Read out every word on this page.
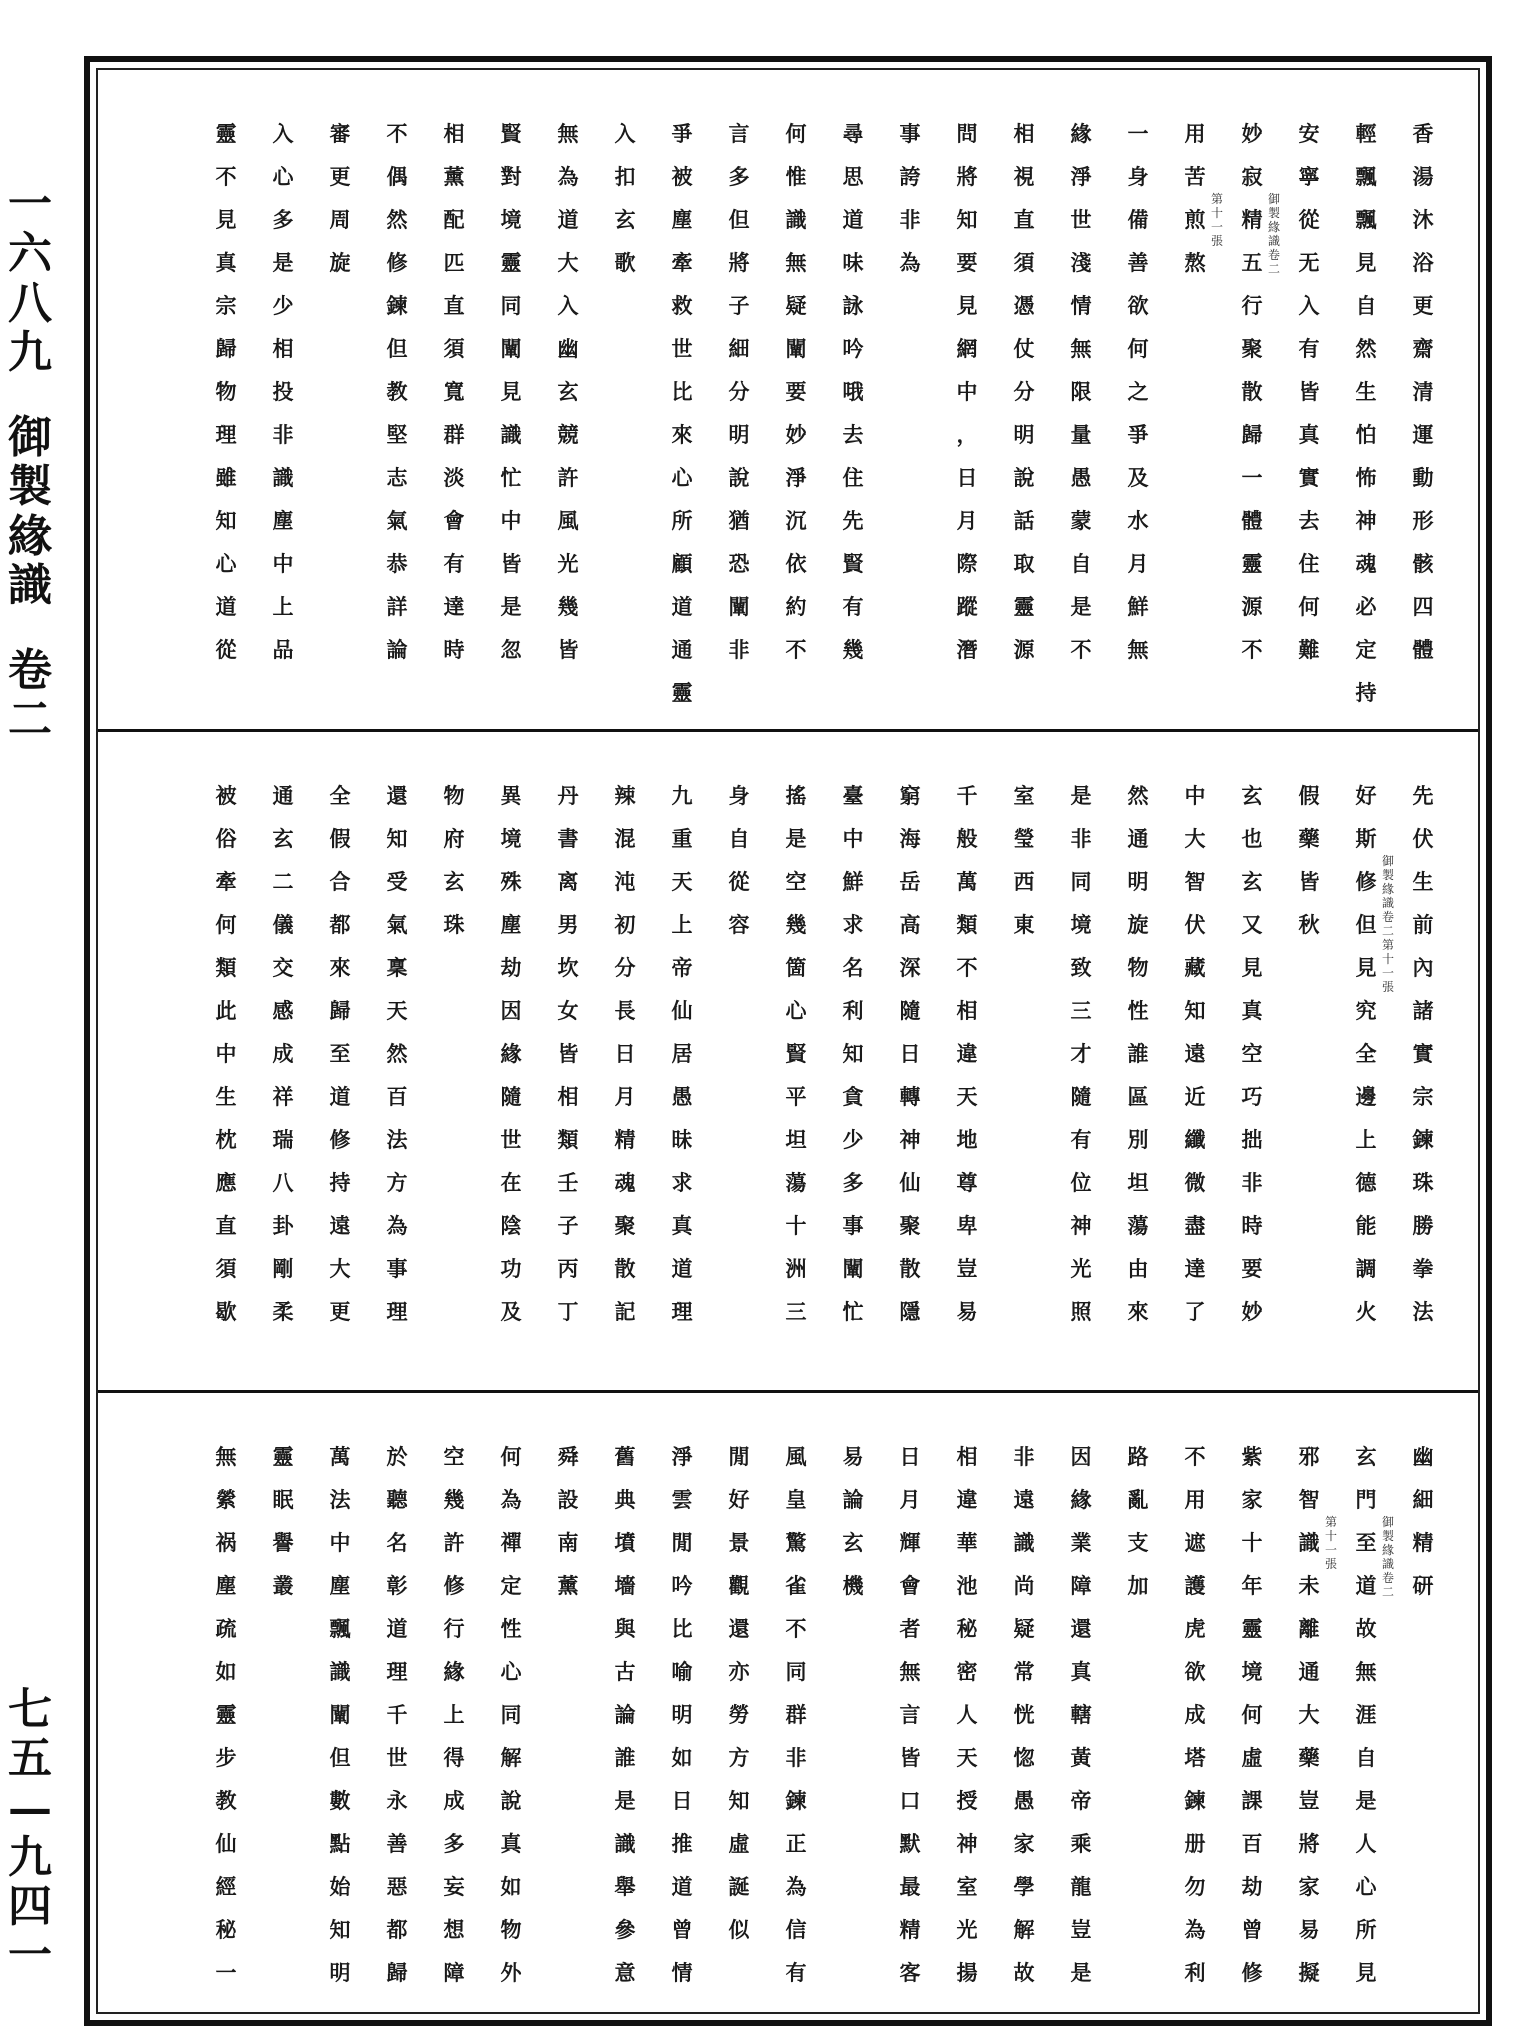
一
六
八
九
御
製
緣
識
卷
二
七
五
—
九
四
一
香
湯
沐
浴
更
齋
清
運
動
形
骸
四
體
輕
飄
飄
見
自
然
生
怕
怖
神
魂
必
定
持
安
寧
從
无
入
有
皆
真
實
去
住
何
難
妙
寂
精
五
行
聚
散
歸
一
體
靈
源
不
用
苦
煎
熬
一
身
備
善
欲
何
之
爭
及
水
月
鮮
無
緣
淨
世
淺
情
無
限
量
愚
蒙
自
是
不
相
視
直
須
憑
仗
分
明
說
話
取
靈
源
問
將
知
要
見
網
中
，
日
月
際
蹤
潛
事
誇
非
為
尋
思
道
味
詠
吟
哦
去
住
先
賢
有
幾
何
惟
識
無
疑
闡
要
妙
淨
沉
依
約
不
言
多
但
將
子
細
分
明
說
猶
恐
闡
非
爭
被
塵
牽
救
世
比
來
心
所
顧
道
通
靈
入
扣
玄
歌
無
為
道
大
入
幽
玄
競
許
風
光
幾
皆
賢
對
境
靈
同
闡
見
識
忙
中
皆
是
忽
相
薰
配
匹
直
須
寬
群
淡
會
有
達
時
不
偶
然
修
鍊
但
教
堅
志
氣
恭
詳
論
審
更
周
旋
入
心
多
是
少
相
投
非
識
塵
中
上
品
靈
不
見
真
宗
歸
物
理
雖
知
心
道
從
御
製
緣
識
卷
二
第
十
一
張
先
伏
生
前
內
諸
實
宗
鍊
珠
勝
拳
法
好
斯
修
但
見
究
全
邊
上
德
能
調
火
假
藥
皆
秋
玄
也
玄
又
見
真
空
巧
拙
非
時
要
妙
中
大
智
伏
藏
知
遠
近
纖
微
盡
達
了
然
通
明
旋
物
性
誰
區
別
坦
蕩
由
來
是
非
同
境
致
三
才
隨
有
位
神
光
照
室
瑩
西
東
千
般
萬
類
不
相
違
天
地
尊
卑
豈
易
窮
海
岳
高
深
隨
日
轉
神
仙
聚
散
隱
臺
中
鮮
求
名
利
知
貪
少
多
事
闡
忙
搖
是
空
幾
箇
心
賢
平
坦
蕩
十
洲
三
身
自
從
容
九
重
天
上
帝
仙
居
愚
昧
求
真
道
理
辣
混
沌
初
分
長
日
月
精
魂
聚
散
記
丹
書
离
男
坎
女
皆
相
類
壬
子
丙
丁
異
境
殊
塵
劫
因
緣
隨
世
在
陰
功
及
物
府
玄
珠
還
知
受
氣
稟
天
然
百
法
方
為
事
理
全
假
合
都
來
歸
至
道
修
持
遠
大
更
通
玄
二
儀
交
感
成
祥
瑞
八
卦
剛
柔
被
俗
牽
何
類
此
中
生
枕
應
直
須
歇
御
製
緣
識
卷
二
第
十
一
張
幽
細
精
研
玄
門
至
道
故
無
涯
自
是
人
心
所
見
邪
智
識
未
離
通
大
藥
豈
將
家
易
擬
紫
家
十
年
靈
境
何
虛
課
百
劫
曾
修
不
用
遮
護
虎
欲
成
塔
鍊
册
勿
為
利
路
亂
支
加
因
緣
業
障
還
真
轄
黃
帝
乘
龍
豈
是
非
遠
識
尚
疑
常
恍
惚
愚
家
學
解
故
相
違
華
池
秘
密
人
天
授
神
室
光
揚
日
月
輝
會
者
無
言
皆
口
默
最
精
客
易
論
玄
機
風
皇
驚
雀
不
同
群
非
鍊
正
為
信
有
閒
好
景
觀
還
亦
勞
方
知
虛
誕
似
淨
雲
閒
吟
比
喻
明
如
日
推
道
曾
情
舊
典
墳
墻
與
古
論
誰
是
識
舉
參
意
舜
設
南
薰
何
為
禪
定
性
心
同
解
說
真
如
物
外
空
幾
許
修
行
緣
上
得
成
多
妄
想
障
於
聽
名
彰
道
理
千
世
永
善
惡
都
歸
萬
法
中
塵
飄
識
闡
但
數
點
始
知
明
靈
眠
譽
叢
無
縈
祸
塵
疏
如
靈
步
教
仙
經
秘
一
御
製
緣
識
卷
二
第
十
一
張
